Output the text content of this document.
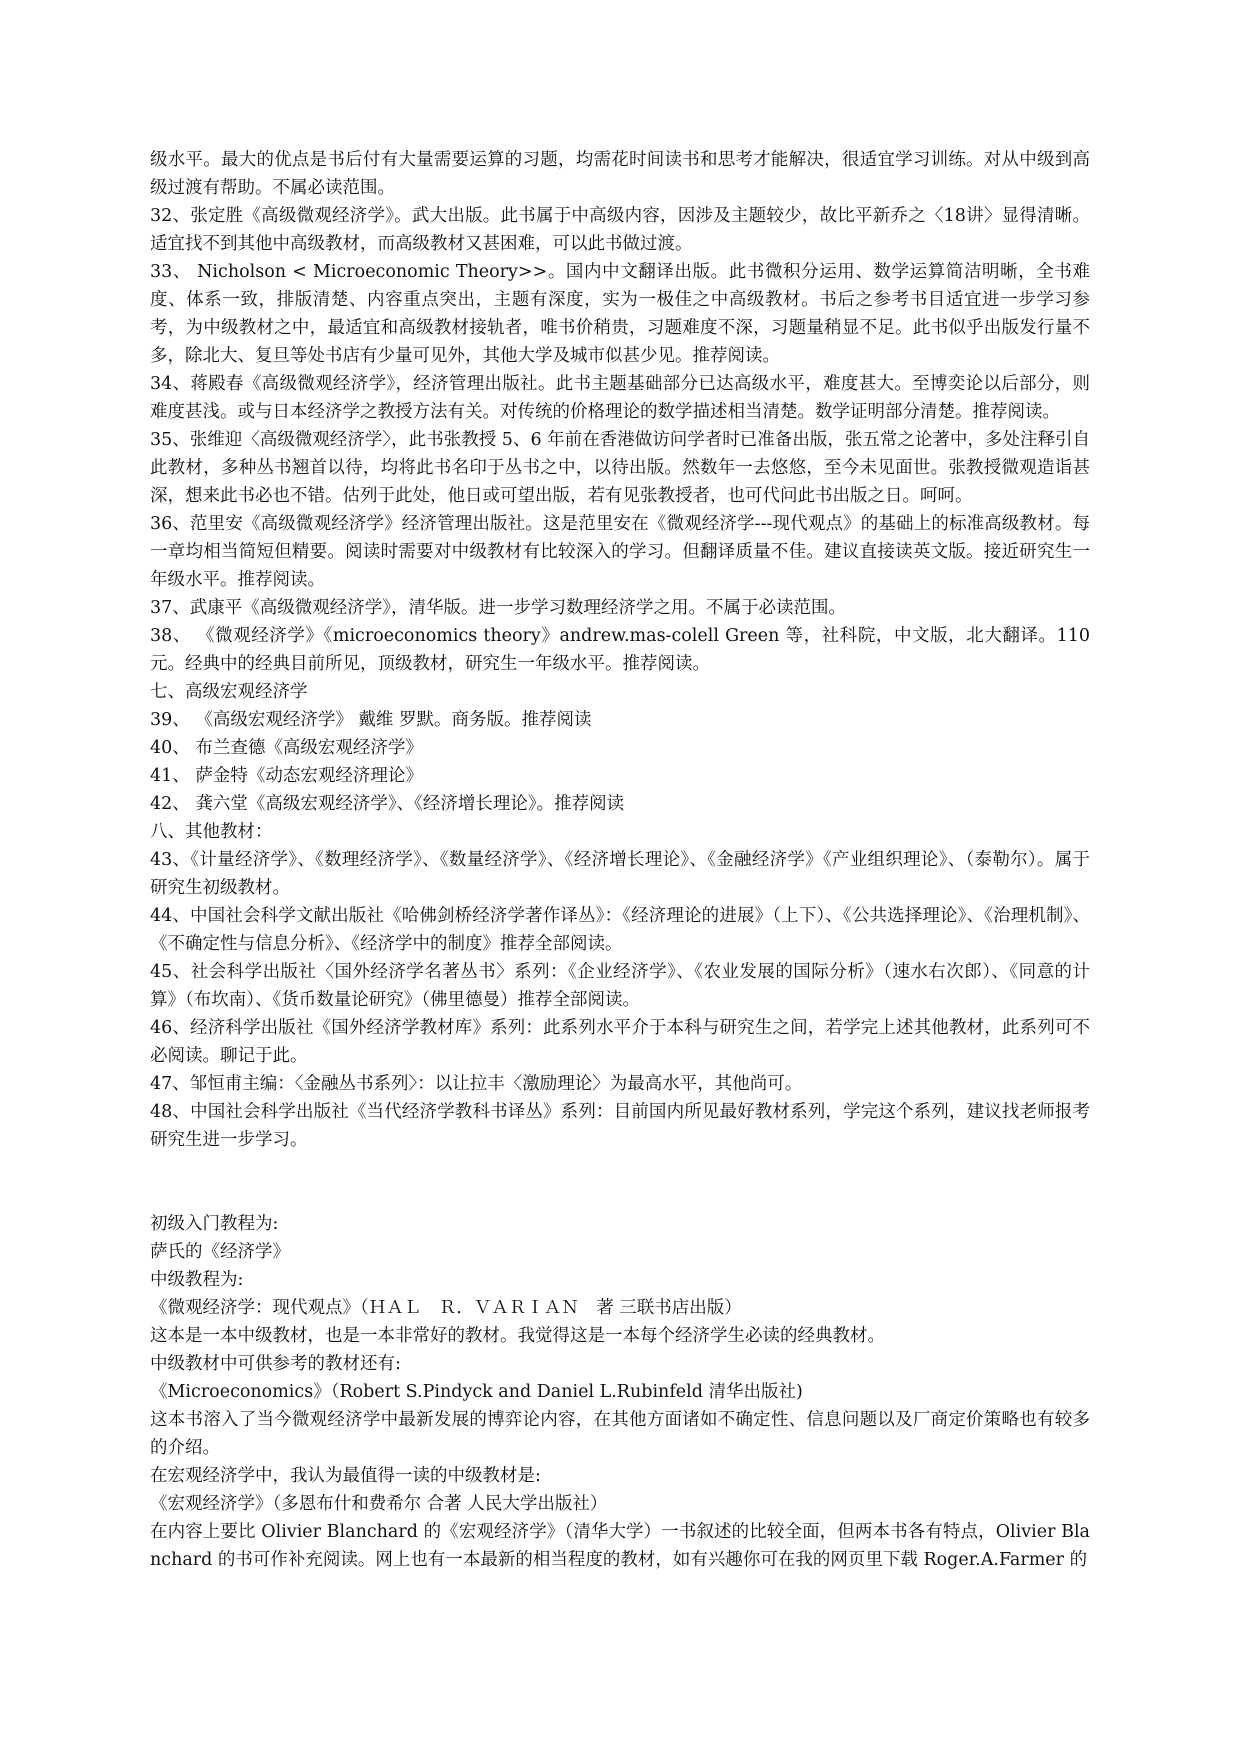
级水平。最大的优点是书后付有大量需要运算的习题，均需花时间读书和思考才能解决，很适宜学习训练。对从中级到高级过渡有帮助。不属必读范围。

32、张定胜《高级微观经济学》。武大出版。此书属于中高级内容，因涉及主题较少，故比平新乔之〈18讲〉显得清晰。适宜找不到其他中高级教材，而高级教材又甚困难，可以此书做过渡。

33、 Nicholson < Microeconomic Theory>>。国内中文翻译出版。此书微积分运用、数学运算简洁明晰，全书难度、体系一致，排版清楚、内容重点突出，主题有深度，实为一极佳之中高级教材。书后之参考书目适宜进一步学习参考，为中级教材之中，最适宜和高级教材接轨者，唯书价稍贵，习题难度不深，习题量稍显不足。此书似乎出版发行量不多，除北大、复旦等处书店有少量可见外，其他大学及城市似甚少见。推荐阅读。

34、蒋殿春《高级微观经济学》，经济管理出版社。此书主题基础部分已达高级水平，难度甚大。至博奕论以后部分，则难度甚浅。或与日本经济学之教授方法有关。对传统的价格理论的数学描述相当清楚。数学证明部分清楚。推荐阅读。

35、张维迎〈高级微观经济学〉，此书张教授 5、6 年前在香港做访问学者时已准备出版，张五常之论著中，多处注释引自此教材，多种丛书翘首以待，均将此书名印于丛书之中，以待出版。然数年一去悠悠，至今未见面世。张教授微观造诣甚深，想来此书必也不错。估列于此处，他日或可望出版，若有见张教授者，也可代问此书出版之日。呵呵。

36、范里安《高级微观经济学》经济管理出版社。这是范里安在《微观经济学---现代观点》的基础上的标准高级教材。每一章均相当简短但精要。阅读时需要对中级教材有比较深入的学习。但翻译质量不佳。建议直接读英文版。接近研究生一年级水平。推荐阅读。

37、武康平《高级微观经济学》，清华版。进一步学习数理经济学之用。不属于必读范围。

38、 《微观经济学》《microeconomics theory》andrew.mas-colell Green 等，社科院，中文版，北大翻译。110 元。经典中的经典目前所见，顶级教材，研究生一年级水平。推荐阅读。

七、高级宏观经济学

39、 《高级宏观经济学》 戴维 罗默。商务版。推荐阅读

40、 布兰查德《高级宏观经济学》

41、 萨金特《动态宏观经济理论》

42、 龚六堂《高级宏观经济学》、《经济增长理论》。推荐阅读

八、其他教材：

43、《计量经济学》、《数理经济学》、《数量经济学》、《经济增长理论》、《金融经济学》《产业组织理论》、（泰勒尔）。属于研究生初级教材。

44、中国社会科学文献出版社《哈佛剑桥经济学著作译丛》：《经济理论的进展》（上下）、《公共选择理论》、《治理机制》、《不确定性与信息分析》、《经济学中的制度》推荐全部阅读。

45、社会科学出版社〈国外经济学名著丛书〉系列：《企业经济学》、《农业发展的国际分析》（速水右次郎）、《同意的计算》（布坎南）、《货币数量论研究》（佛里德曼）推荐全部阅读。

46、经济科学出版社《国外经济学教材库》系列：此系列水平介于本科与研究生之间，若学完上述其他教材，此系列可不必阅读。聊记于此。

47、邹恒甫主编：〈金融丛书系列〉：以让拉丰〈激励理论〉为最高水平，其他尚可。

48、中国社会科学出版社《当代经济学教科书译丛》系列：目前国内所见最好教材系列，学完这个系列，建议找老师报考研究生进一步学习。

初级入门教程为:

萨氏的《经济学》

中级教程为:

《微观经济学：现代观点》（ＨＡＬ　Ｒ．ＶＡＲＩＡＮ　著 三联书店出版）

这本是一本中级教材，也是一本非常好的教材。我觉得这是一本每个经济学生必读的经典教材。

中级教材中可供参考的教材还有:

《Microeconomics》（Robert S.Pindyck and Daniel L.Rubinfeld 清华出版社)

这本书溶入了当今微观经济学中最新发展的博弈论内容，在其他方面诸如不确定性、信息问题以及厂商定价策略也有较多的介绍。

在宏观经济学中，我认为最值得一读的中级教材是:

《宏观经济学》（多恩布什和费希尔 合著 人民大学出版社）

在内容上要比 Olivier Blanchard 的《宏观经济学》（清华大学）一书叙述的比较全面，但两本书各有特点，Olivier Blanchard 的书可作补充阅读。网上也有一本最新的相当程度的教材，如有兴趣你可在我的网页里下载 Roger.A.Farmer 的
